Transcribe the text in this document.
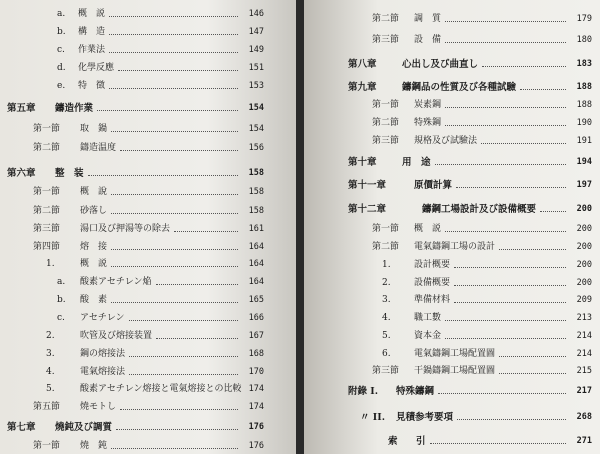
a. 概　説	146
b. 構　造	147
c. 作業法	149
d. 化學反應	151
e. 特　徴	153
第五章 鑄造作業	154
第一節 取　鍋	154
第二節 鑄造温度	156
第六章 整　装	158
第一節 概　說	158
第二節 砂落し	158
第三節 湯口及び押湯等の除去	161
第四節 熔　接	164
1.	概　説	164
a. 酸素アセチレン焔	164
b. 酸　素	165
c. アセチレン	166
2.	吹管及び熔接装置	167
3.	鋼の熔接法	168
4.	電氣熔接法	170
5.	酸素アセチレン熔接と電氣熔接との比較 174
第五節 燒モトし	174
第七章 燒鈍及び調質	176
第一節 燒　鈍	176
第二節 調　質	179
第三節 設　備	180
第八章	心出し及び曲直し	183
第九章	鑄鋼品の性質及び各種試驗	188
第一節 炭素鋼	188
第二節 特殊鋼	190
第三節 規格及び試驗法	191
第十章	用　途	194
第十一章	原價計算	197
第十二章	鑄鋼工場設計及び設備概要	200
第一節 概　説	200
第二節 電氣鑄鋼工場の設計	200
1.	設計概要	200
2.	設備概要	200
3.	準備材料	209
4.	職工數	213
5.	資本金	214
6.	電氣鑄鋼工場配置圖	214
第三節 干鍋鑄鋼工場配置圖	215
附錄 I. 特殊鑄鋼	217
〃 II. 見積参考要項	268
索 引	271
